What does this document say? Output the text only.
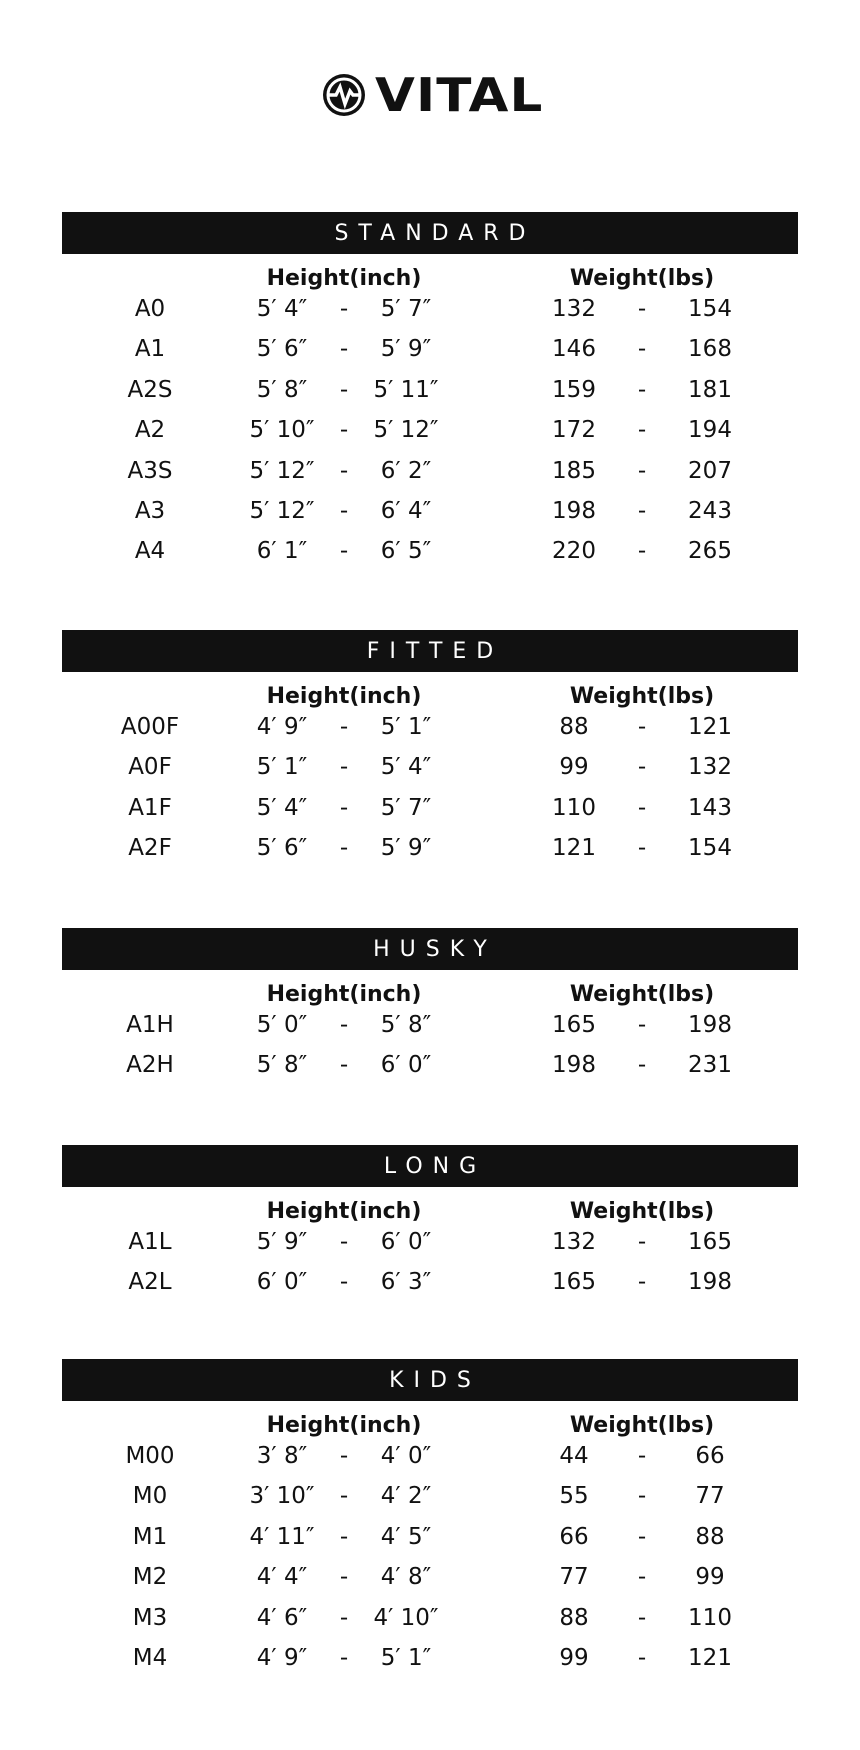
VITAL
STANDARD
Height(inch)	Weight(lbs)
A0	5′ 4″ - 5′ 7″	132 - 154
A1	5′ 6″ - 5′ 9″	146 - 168
A2S	5′ 8″ - 5′ 11″	159 - 181
A2	5′ 10″ - 5′ 12″	172 - 194
A3S	5′ 12″ - 6′ 2″	185 - 207
A3	5′ 12″ - 6′ 4″	198 - 243
A4	6′ 1″ - 6′ 5″	220 - 265
FITTED
Height(inch)	Weight(lbs)
A00F	4′ 9″ - 5′ 1″	88 - 121
A0F	5′ 1″ - 5′ 4″	99 - 132
A1F	5′ 4″ - 5′ 7″	110 - 143
A2F	5′ 6″ - 5′ 9″	121 - 154
HUSKY
Height(inch)	Weight(lbs)
A1H	5′ 0″ - 5′ 8″	165 - 198
A2H	5′ 8″ - 6′ 0″	198 - 231
LONG
Height(inch)	Weight(lbs)
A1L	5′ 9″ - 6′ 0″	132 - 165
A2L	6′ 0″ - 6′ 3″	165 - 198
KIDS
Height(inch)	Weight(lbs)
M00	3′ 8″ - 4′ 0″	44 - 66
M0	3′ 10″ - 4′ 2″	55 - 77
M1	4′ 11″ - 4′ 5″	66 - 88
M2	4′ 4″ - 4′ 8″	77 - 99
M3	4′ 6″ - 4′ 10″	88 - 110
M4	4′ 9″ - 5′ 1″	99 - 121
